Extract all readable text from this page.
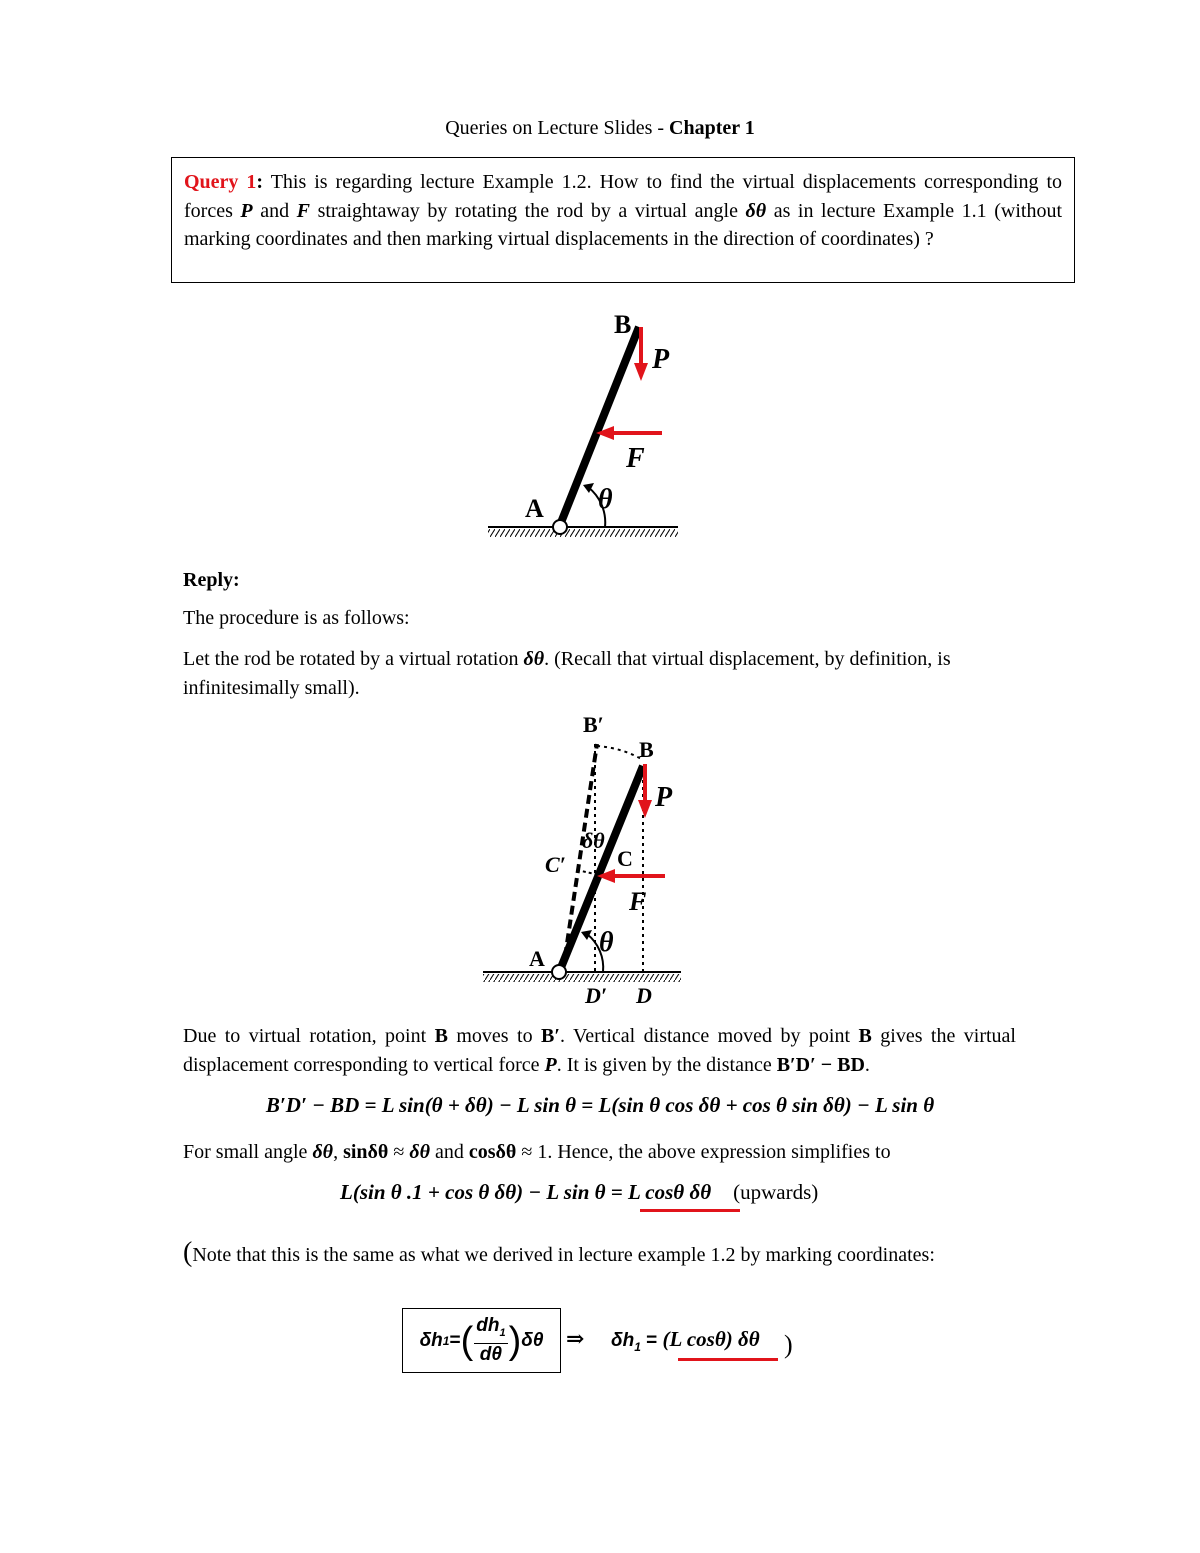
Queries on Lecture Slides - Chapter 1
Query 1: This is regarding lecture Example 1.2. How to find the virtual displacements corresponding to forces P and F straightaway by rotating the rod by a virtual angle δθ as in lecture Example 1.1 (without marking coordinates and then marking virtual displacements in the direction of coordinates) ?
B
P
F
A θ
Reply:
The procedure is as follows:
Let the rod be rotated by a virtual rotation δθ. (Recall that virtual displacement, by definition, is infinitesimally small).
B′
B
P
δθ
C′ C
F
θ
A
D′ D
Due to virtual rotation, point B moves to B′. Vertical distance moved by point B gives the virtual displacement corresponding to vertical force P. It is given by the distance B′D′ − BD.
B′D′ − BD = L sin(θ + δθ) − L sin θ = L(sin θ cos δθ + cos θ sin δθ) − L sin θ
For small angle δθ, sinδθ ≈ δθ and cosδθ ≈ 1. Hence, the above expression simplifies to
L(sin θ .1 + cos θ δθ) − L sin θ = L cosθ δθ (upwards)
(Note that this is the same as what we derived in lecture example 1.2 by marking coordinates:
δh 1 = ( $\frac{dh_1}{d\theta}$ ) δθ ⇒ $\delta h_1 = (L$ cosθ) δθ )
